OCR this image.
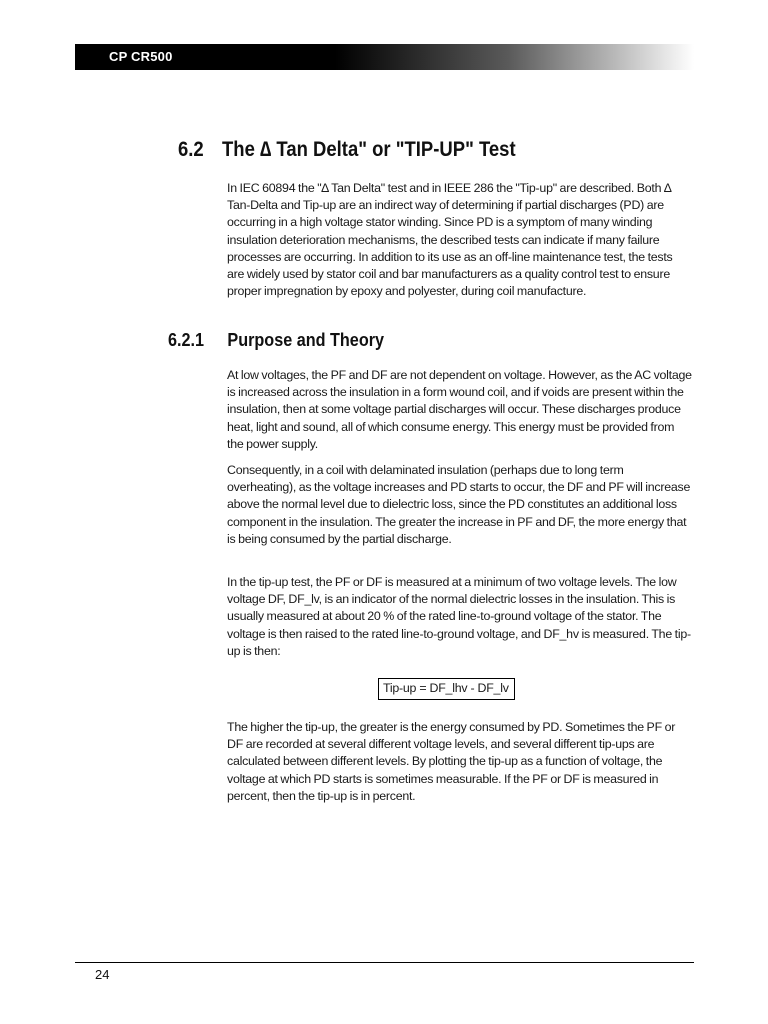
CP CR500
6.2 The ∆ Tan Delta" or "TIP-UP" Test

In IEC 60894 the "∆ Tan Delta" test and in IEEE 286 the "Tip-up" are described. Both ∆ Tan-Delta and Tip-up are an indirect way of determining if partial discharges (PD) are occurring in a high voltage stator winding. Since PD is a symptom of many winding insulation deterioration mechanisms, the described tests can indicate if many failure processes are occurring. In addition to its use as an off-line maintenance test, the tests are widely used by stator coil and bar manufacturers as a quality control test to ensure proper impregnation by epoxy and polyester, during coil manufacture.

6.2.1 Purpose and Theory

At low voltages, the PF and DF are not dependent on voltage. However, as the AC voltage is increased across the insulation in a form wound coil, and if voids are present within the insulation, then at some voltage partial discharges will occur. These discharges produce heat, light and sound, all of which consume energy. This energy must be provided from the power supply.

Consequently, in a coil with delaminated insulation (perhaps due to long term overheating), as the voltage increases and PD starts to occur, the DF and PF will increase above the normal level due to dielectric loss, since the PD constitutes an additional loss component in the insulation. The greater the increase in PF and DF, the more energy that is being consumed by the partial discharge.

In the tip-up test, the PF or DF is measured at a minimum of two voltage levels. The low voltage DF, DF_lv, is an indicator of the normal dielectric losses in the insulation. This is usually measured at about 20 % of the rated line-to-ground voltage of the stator. The voltage is then raised to the rated line-to-ground voltage, and DF_hv is measured. The tip-up is then:

Tip-up = DF_lhv - DF_lv

The higher the tip-up, the greater is the energy consumed by PD. Sometimes the PF or DF are recorded at several different voltage levels, and several different tip-ups are calculated between different levels. By plotting the tip-up as a function of voltage, the voltage at which PD starts is sometimes measurable. If the PF or DF is measured in percent, then the tip-up is in percent.

24
